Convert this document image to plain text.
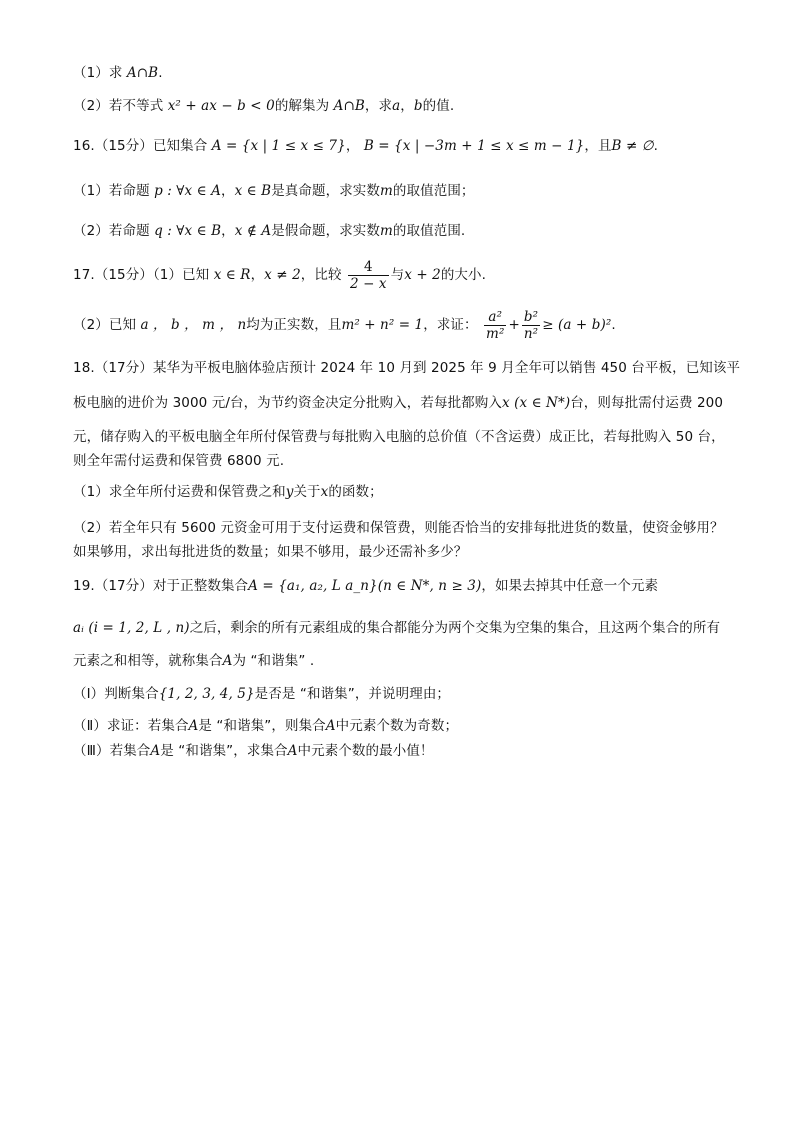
（1）求 A∩B.
（2）若不等式 x² + ax − b < 0的解集为 A∩B，求a，b的值.
16.（15分）已知集合 A = {x | 1 ≤ x ≤ 7}， B = {x | −3m + 1 ≤ x ≤ m − 1}，且B ≠ ∅.
（1）若命题 p : ∀x ∈ A，x ∈ B是真命题，求实数m的取值范围；
（2）若命题 q : ∀x ∈ B，x ∉ A是假命题，求实数m的取值范围.
17.（15分）（1）已知 x ∈ R，x ≠ 2，比较 $\frac{4}{2 - x}$ 与x + 2的大小.
（2）已知 a ， b ， m ， n均为正实数，且m² + n² = 1，求证： $\frac{\text{a²}}{\text{m²}} + \frac{\text{b²}}{\text{n²}} \ge (a + b)^2$.
18.（17分）某华为平板电脑体验店预计 2024 年 10 月到 2025 年 9 月全年可以销售 450 台平板，已知该平
板电脑的进价为 3000 元/台，为节约资金决定分批购入，若每批都购入x (x ∈ N*)台，则每批需付运费 200
元，储存购入的平板电脑全年所付保管费与每批购入电脑的总价值（不含运费）成正比，若每批购入 50 台，
则全年需付运费和保管费 6800 元.
（1）求全年所付运费和保管费之和y关于x的函数；
（2）若全年只有 5600 元资金可用于支付运费和保管费，则能否恰当的安排每批进货的数量，使资金够用？
如果够用，求出每批进货的数量；如果不够用，最少还需补多少？
19.（17分）对于正整数集合A = {a₁, a₂, L a_n}(n ∈ N*, n ≥ 3)，如果去掉其中任意一个元素
aᵢ (i = 1, 2, L , n)之后，剩余的所有元素组成的集合都能分为两个交集为空集的集合，且这两个集合的所有
元素之和相等，就称集合A为 “和谐集” .
（Ⅰ）判断集合{1, 2, 3, 4, 5}是否是 “和谐集”，并说明理由；
（Ⅱ）求证：若集合A是 “和谐集”，则集合A中元素个数为奇数；
（Ⅲ）若集合A是 “和谐集”，求集合A中元素个数的最小值！
